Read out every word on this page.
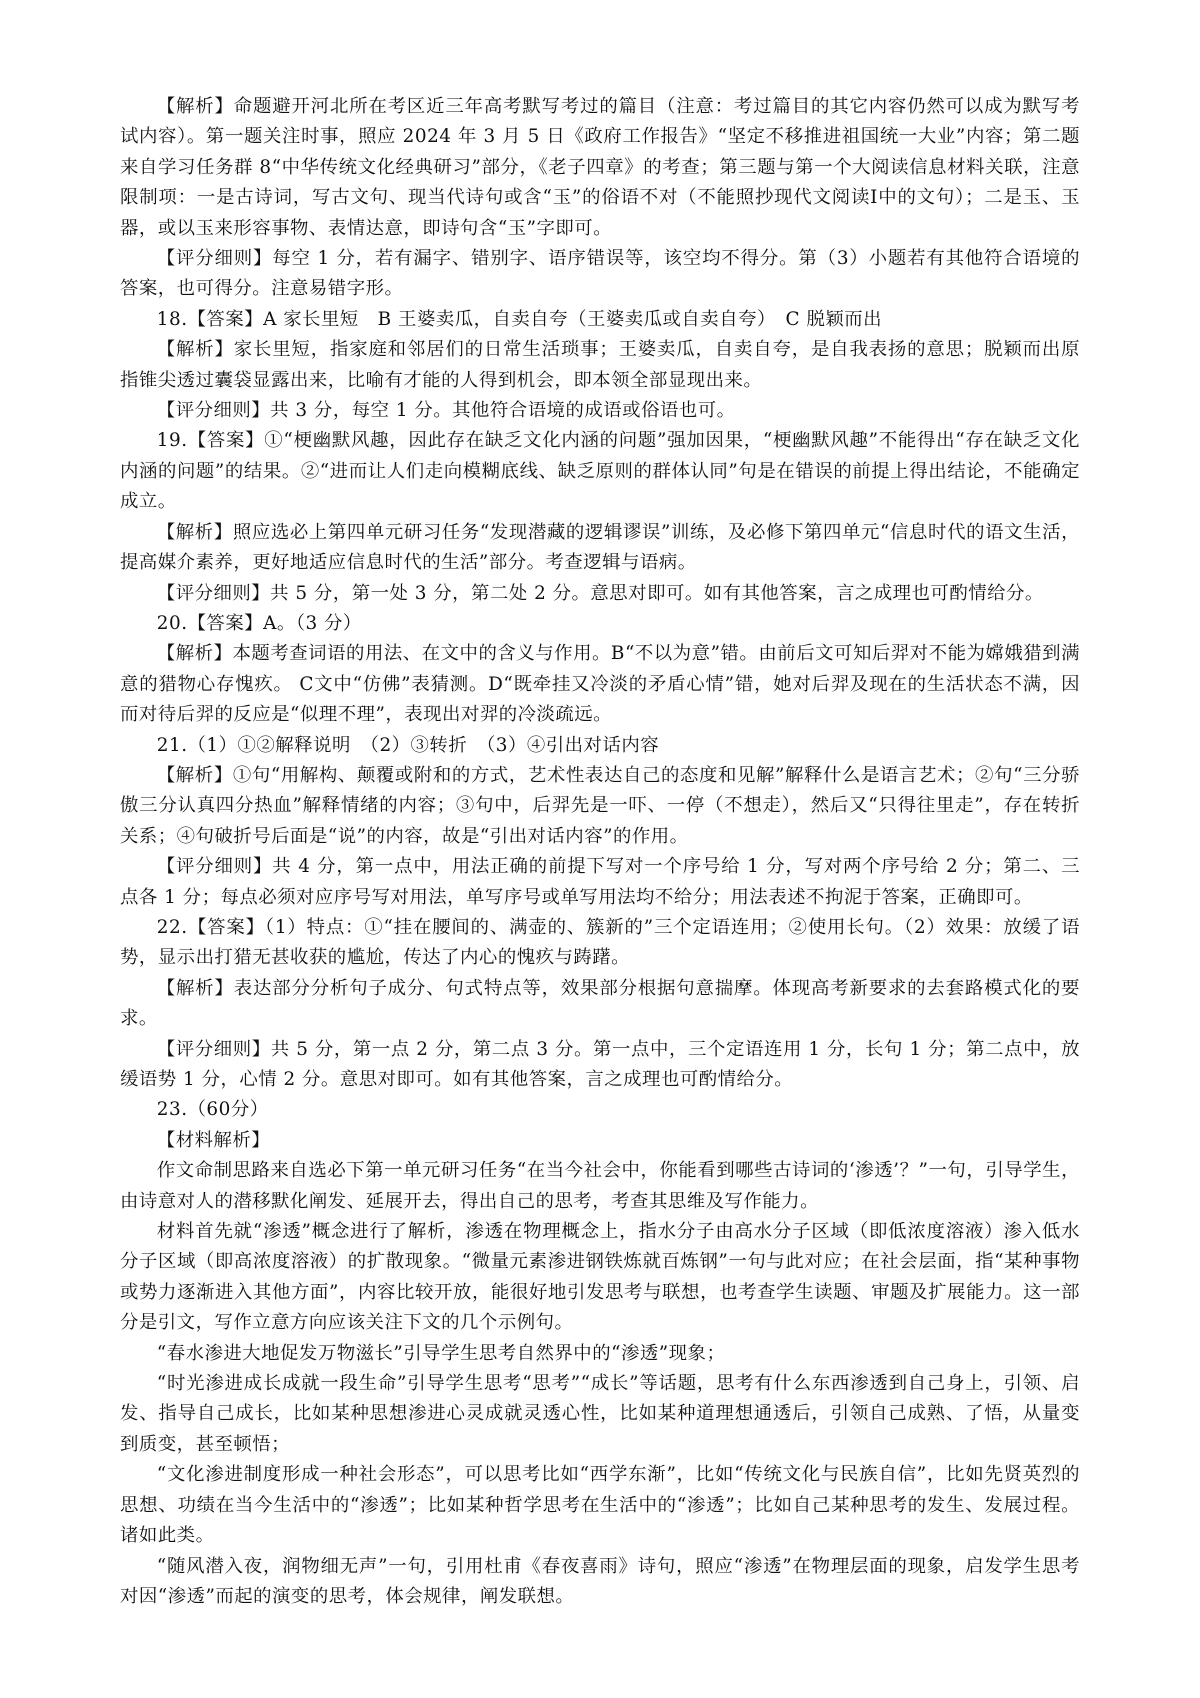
【解析】命题避开河北所在考区近三年高考默写考过的篇目（注意：考过篇目的其它内容仍然可以成为默写考试内容）。第一题关注时事，照应 2024 年 3 月 5 日《政府工作报告》“坚定不移推进祖国统一大业”内容；第二题来自学习任务群 8“中华传统文化经典研习”部分，《老子四章》的考查；第三题与第一个大阅读信息材料关联，注意限制项：一是古诗词，写古文句、现当代诗句或含“玉”的俗语不对（不能照抄现代文阅读Ⅰ中的文句）；二是玉、玉器，或以玉来形容事物、表情达意，即诗句含“玉”字即可。

【评分细则】每空 1 分，若有漏字、错别字、语序错误等，该空均不得分。第（3）小题若有其他符合语境的答案，也可得分。注意易错字形。

18.【答案】A 家长里短　B 王婆卖瓜，自卖自夸（王婆卖瓜或自卖自夸）　C 脱颖而出

【解析】家长里短，指家庭和邻居们的日常生活琐事；王婆卖瓜，自卖自夸，是自我表扬的意思；脱颖而出原指锥尖透过囊袋显露出来，比喻有才能的人得到机会，即本领全部显现出来。

【评分细则】共 3 分，每空 1 分。其他符合语境的成语或俗语也可。

19.【答案】①“梗幽默风趣，因此存在缺乏文化内涵的问题”强加因果，“梗幽默风趣”不能得出“存在缺乏文化内涵的问题”的结果。②“进而让人们走向模糊底线、缺乏原则的群体认同”句是在错误的前提上得出结论，不能确定成立。

【解析】照应选必上第四单元研习任务“发现潜藏的逻辑谬误”训练，及必修下第四单元“信息时代的语文生活，提高媒介素养，更好地适应信息时代的生活”部分。考查逻辑与语病。

【评分细则】共 5 分，第一处 3 分，第二处 2 分。意思对即可。如有其他答案，言之成理也可酌情给分。

20.【答案】A。（3 分）

【解析】本题考查词语的用法、在文中的含义与作用。B“不以为意”错。由前后文可知后羿对不能为嫦娥猎到满意的猎物心存愧疚。 C文中“仿佛”表猜测。D“既牵挂又冷淡的矛盾心情”错，她对后羿及现在的生活状态不满，因而对待后羿的反应是“似理不理”，表现出对羿的冷淡疏远。

21.（1）①②解释说明　（2）③转折　（3）④引出对话内容

【解析】①句“用解构、颠覆或附和的方式，艺术性表达自己的态度和见解”解释什么是语言艺术；②句“三分骄傲三分认真四分热血”解释情绪的内容；③句中，后羿先是一吓、一停（不想走），然后又“只得往里走”，存在转折关系；④句破折号后面是“说”的内容，故是“引出对话内容”的作用。

【评分细则】共 4 分，第一点中，用法正确的前提下写对一个序号给 1 分，写对两个序号给 2 分；第二、三点各 1 分；每点必须对应序号写对用法，单写序号或单写用法均不给分；用法表述不拘泥于答案，正确即可。

22.【答案】（1）特点：①“挂在腰间的、满壶的、簇新的”三个定语连用；②使用长句。（2）效果：放缓了语势，显示出打猎无甚收获的尴尬，传达了内心的愧疚与踌躇。

【解析】表达部分分析句子成分、句式特点等，效果部分根据句意揣摩。体现高考新要求的去套路模式化的要求。

【评分细则】共 5 分，第一点 2 分，第二点 3 分。第一点中，三个定语连用 1 分，长句 1 分；第二点中，放缓语势 1 分，心情 2 分。意思对即可。如有其他答案，言之成理也可酌情给分。

23.（60分）

【材料解析】

作文命制思路来自选必下第一单元研习任务“在当今社会中，你能看到哪些古诗词的‘渗透’？”一句，引导学生，由诗意对人的潜移默化阐发、延展开去，得出自己的思考，考查其思维及写作能力。

材料首先就“渗透”概念进行了解析，渗透在物理概念上，指水分子由高水分子区域（即低浓度溶液）渗入低水分子区域（即高浓度溶液）的扩散现象。“微量元素渗进钢铁炼就百炼钢”一句与此对应；在社会层面，指“某种事物或势力逐渐进入其他方面”，内容比较开放，能很好地引发思考与联想，也考查学生读题、审题及扩展能力。这一部分是引文，写作立意方向应该关注下文的几个示例句。

“春水渗进大地促发万物滋长”引导学生思考自然界中的“渗透”现象；

“时光渗进成长成就一段生命”引导学生思考“思考”“成长”等话题，思考有什么东西渗透到自己身上，引领、启发、指导自己成长，比如某种思想渗进心灵成就灵透心性，比如某种道理想通透后，引领自己成熟、了悟，从量变到质变，甚至顿悟；

“文化渗进制度形成一种社会形态”，可以思考比如“西学东渐”，比如“传统文化与民族自信”，比如先贤英烈的思想、功绩在当今生活中的“渗透”；比如某种哲学思考在生活中的“渗透”；比如自己某种思考的发生、发展过程。诸如此类。

“随风潜入夜，润物细无声”一句，引用杜甫《春夜喜雨》诗句，照应“渗透”在物理层面的现象，启发学生思考对因“渗透”而起的演变的思考，体会规律，阐发联想。
